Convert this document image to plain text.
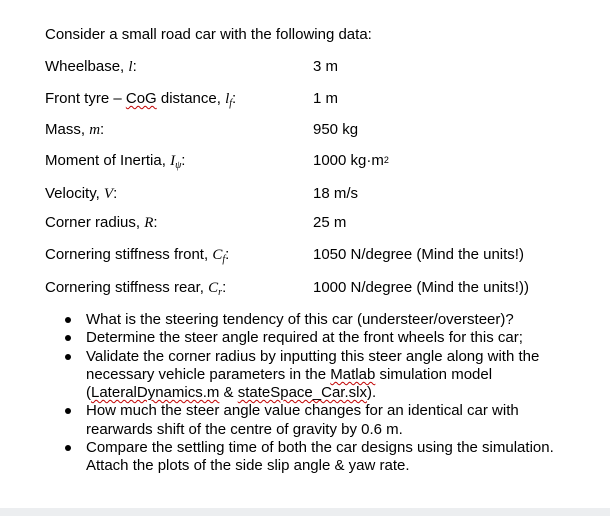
Consider a small road car with the following data:
Wheelbase, l:	3 m
Front tyre – CoG distance, $l_f$:	1 m
Mass, m:	950 kg
Moment of Inertia, $I_\psi$:	1000 $kg\cdot m^2$
Velocity, V:	18 m/s
Corner radius, R:	25 m
Cornering stiffness front, $C_f$:	1050 N/degree (Mind the units!)
Cornering stiffness rear, $C_r$:	1000 N/degree (Mind the units!))
What is the steering tendency of this car (understeer/oversteer)?
Determine the steer angle required at the front wheels for this car;
Validate the corner radius by inputting this steer angle along with the necessary vehicle parameters in the Matlab simulation model (LateralDynamics.m & stateSpace_Car.slx).
How much the steer angle value changes for an identical car with rearwards shift of the centre of gravity by 0.6 m.
Compare the settling time of both the car designs using the simulation. Attach the plots of the side slip angle & yaw rate.
